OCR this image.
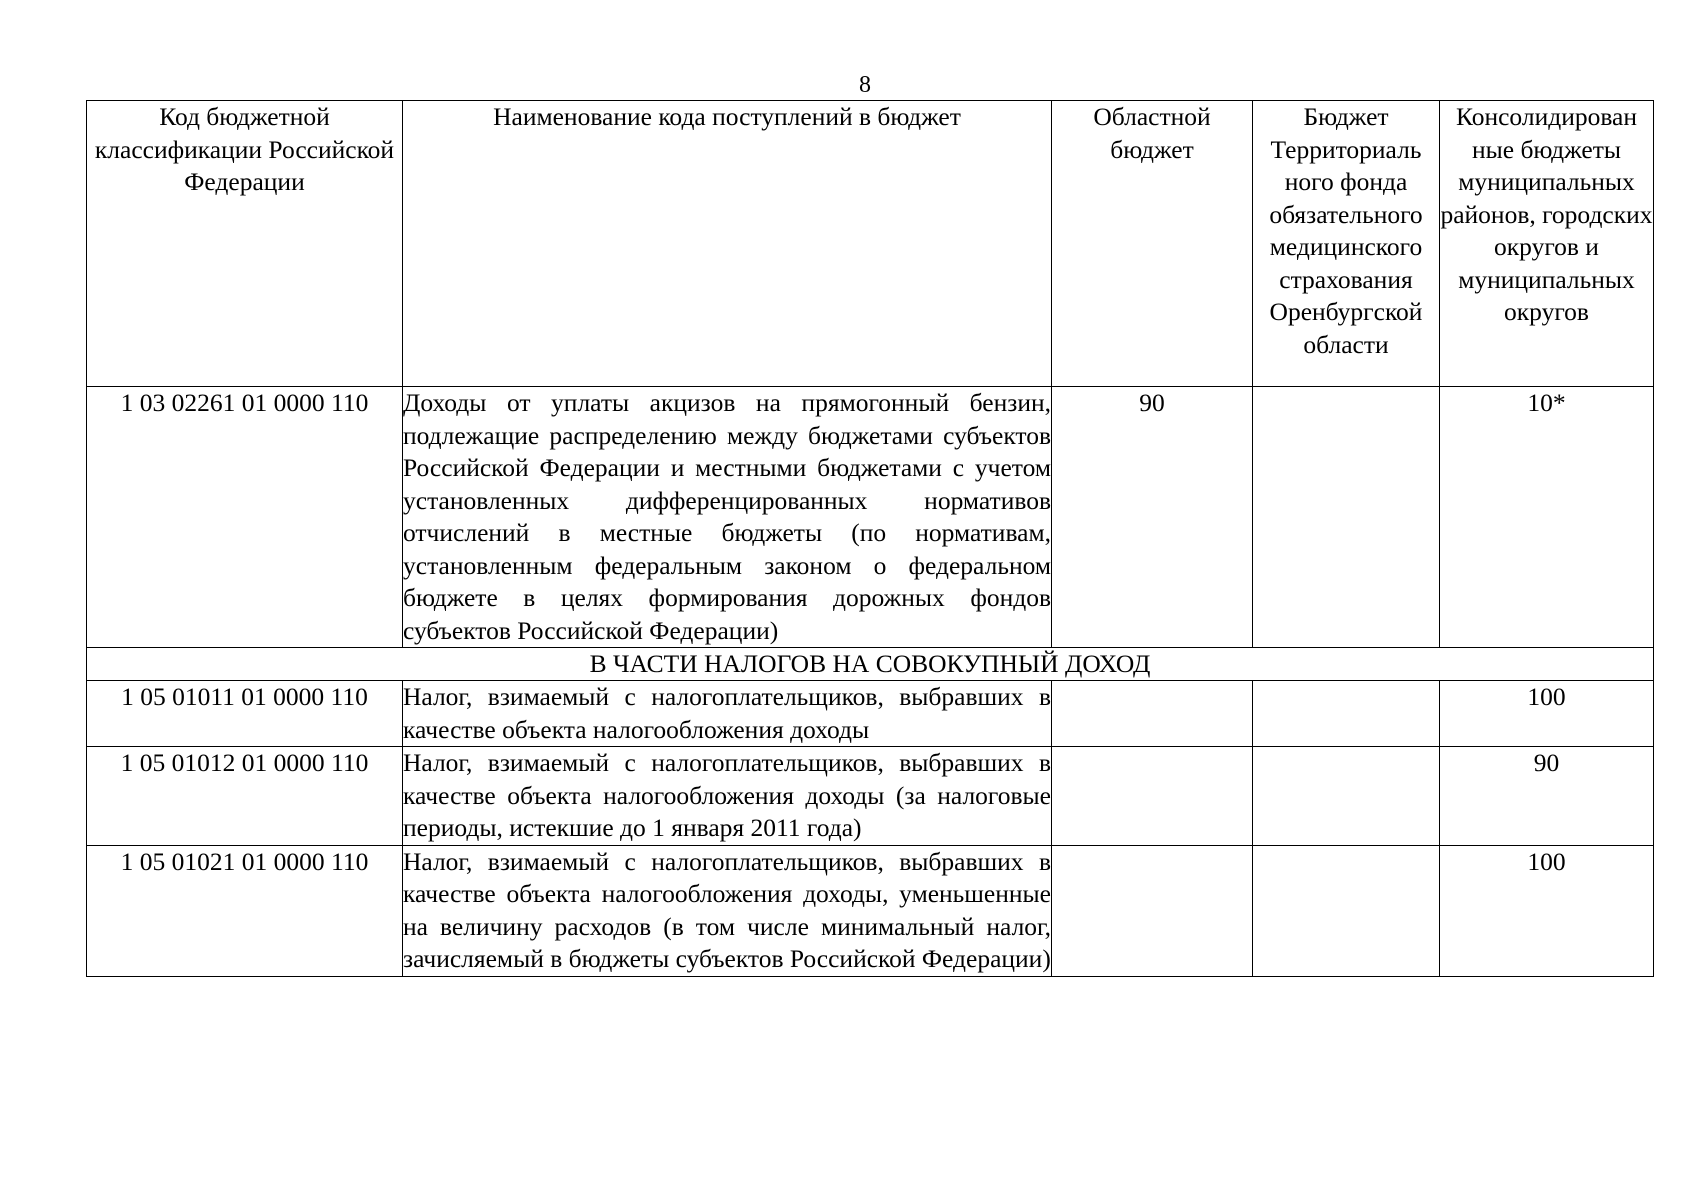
8
Код бюджетной классификации Российской Федерации	Наименование кода поступлений в бюджет	Областной бюджет	Бюджет Территориаль ного фонда обязательного медицинского страхования Оренбургской области	Консолидирован ные бюджеты муниципальных районов, городских округов и муниципальных округов
1 03 02261 01 0000 110	Доходы от уплаты акцизов на прямогонный бензин, подлежащие распределению между бюджетами субъектов Российской Федерации и местными бюджетами с учетом установленных дифференцированных нормативов отчислений в местные бюджеты (по нормативам, установленным федеральным законом о федеральном бюджете в целях формирования дорожных фондов субъектов Российской Федерации)	90		10*
В ЧАСТИ НАЛОГОВ НА СОВОКУПНЫЙ ДОХОД				
1 05 01011 01 0000 110	Налог, взимаемый с налогоплательщиков, выбравших в качестве объекта налогообложения доходы			100
1 05 01012 01 0000 110	Налог, взимаемый с налогоплательщиков, выбравших в качестве объекта налогообложения доходы (за налоговые периоды, истекшие до 1 января 2011 года)			90
1 05 01021 01 0000 110	Налог, взимаемый с налогоплательщиков, выбравших в качестве объекта налогообложения доходы, уменьшенные на величину расходов (в том числе минимальный налог, зачисляемый в бюджеты субъектов Российской Федерации)			100
